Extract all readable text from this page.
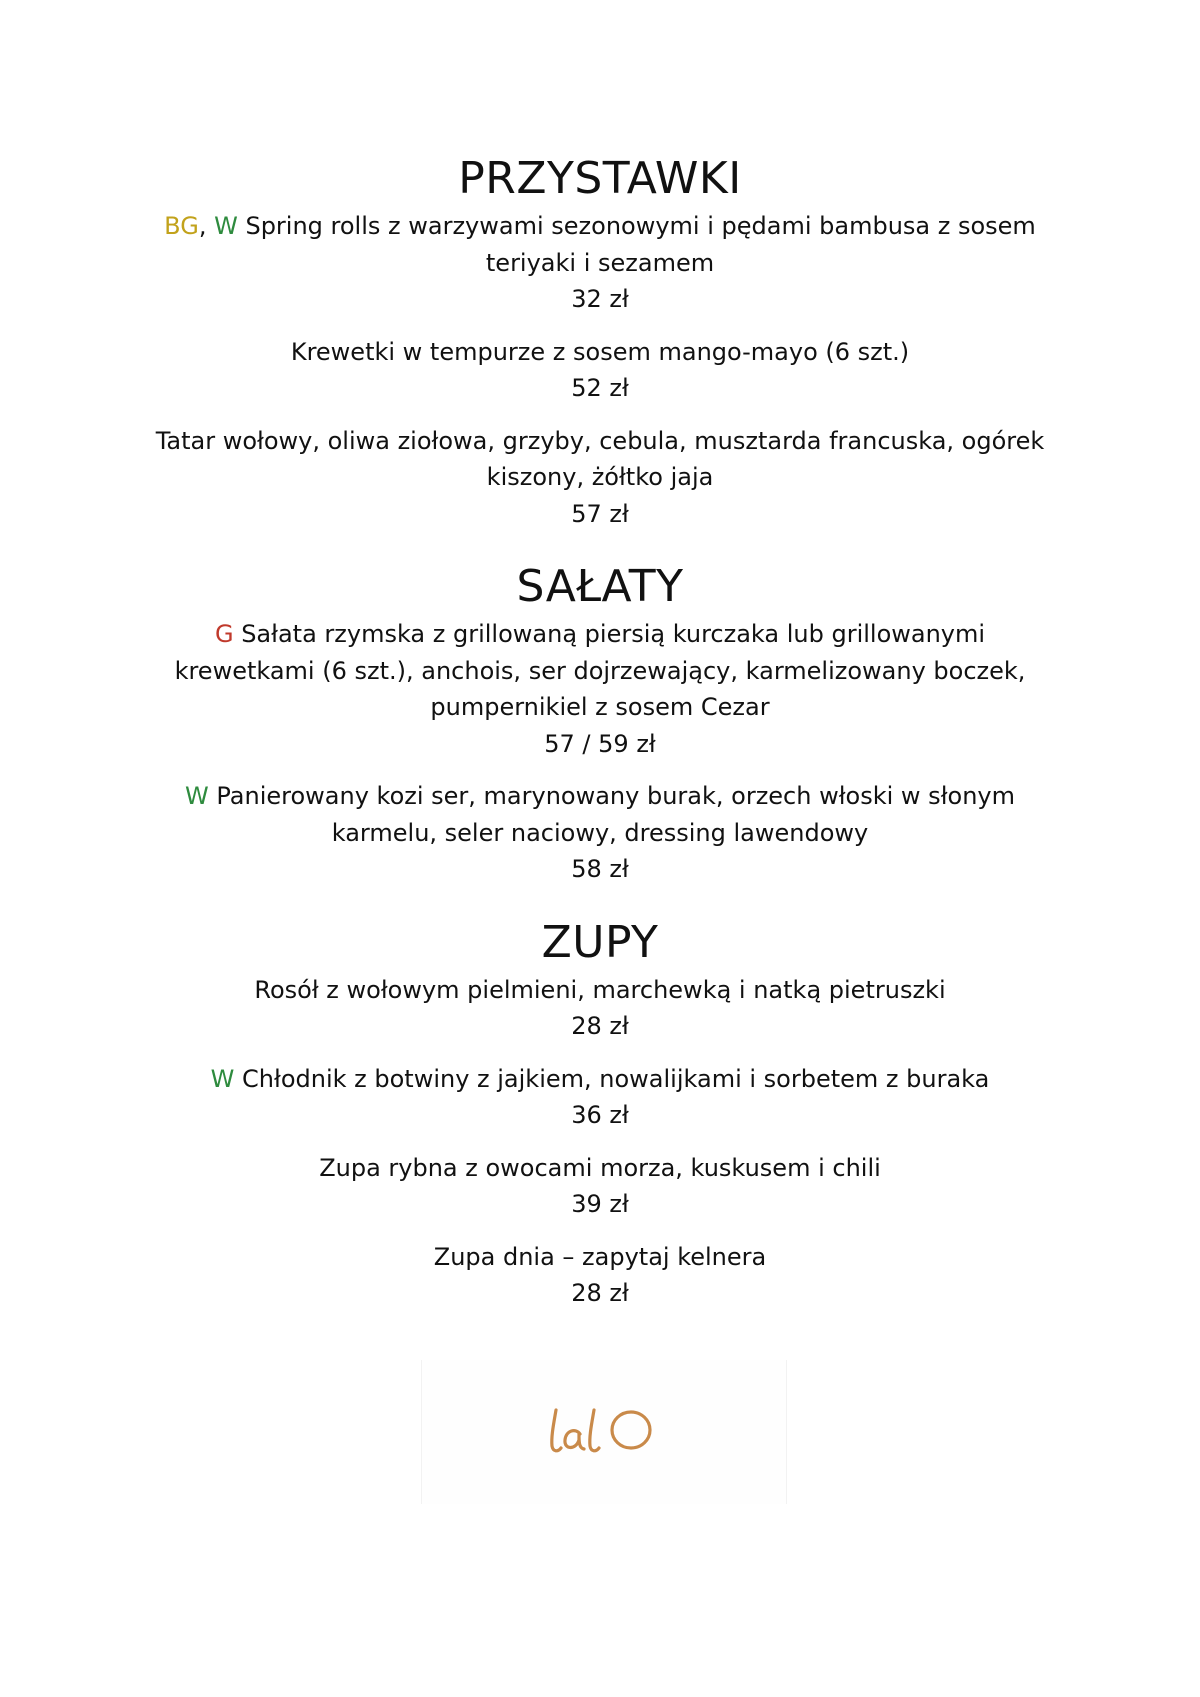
PRZYSTAWKI

BG, W Spring rolls z warzywami sezonowymi i pędami bambusa z sosem teriyaki i sezamem

32 zł

Krewetki w tempurze z sosem mango-mayo (6 szt.)

52 zł

Tatar wołowy, oliwa ziołowa, grzyby, cebula, musztarda francuska, ogórek kiszony, żółtko jaja

57 zł

SAŁATY

G Sałata rzymska z grillowaną piersią kurczaka lub grillowanymi krewetkami (6 szt.), anchois, ser dojrzewający, karmelizowany boczek, pumpernikiel z sosem Cezar

57 / 59 zł

W Panierowany kozi ser, marynowany burak, orzech włoski w słonym karmelu, seler naciowy, dressing lawendowy

58 zł

ZUPY

Rosół z wołowym pielmieni, marchewką i natką pietruszki

28 zł

W Chłodnik z botwiny z jajkiem, nowalijkami i sorbetem z buraka

36 zł

Zupa rybna z owocami morza, kuskusem i chili

39 zł

Zupa dnia – zapytaj kelnera

28 zł
